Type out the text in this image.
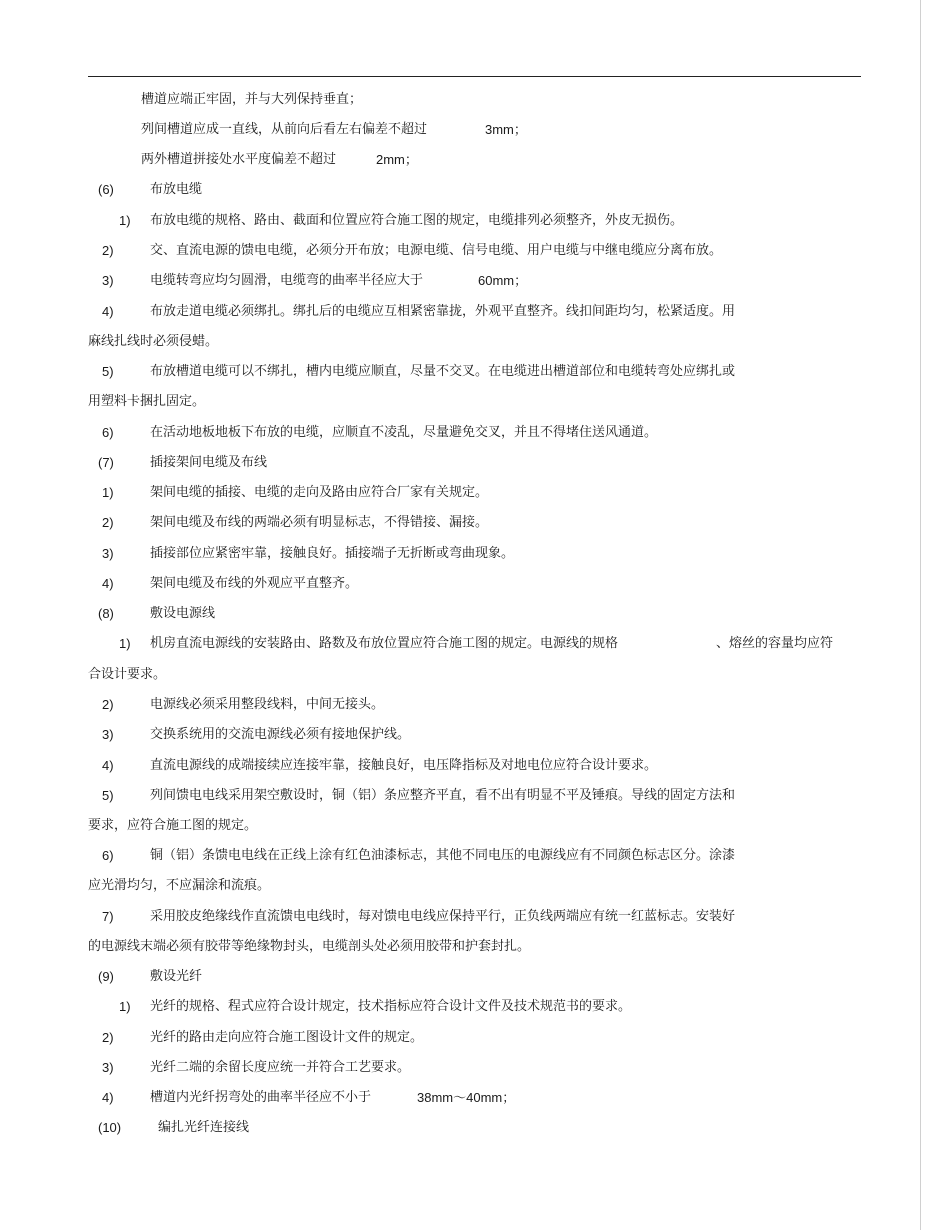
槽道应端正牢固，并与大列保持垂直；
列间槽道应成一直线，从前向后看左右偏差不超过	3mm；
两外槽道拼接处水平度偏差不超过	2mm；
(6)	布放电缆
1) 布放电缆的规格、路由、截面和位置应符合施工图的规定，电缆排列必须整齐，外皮无损伤。
2)	交、直流电源的馈电电缆，必须分开布放；电源电缆、信号电缆、用户电缆与中继电缆应分离布放。
3)	电缆转弯应均匀圆滑，电缆弯的曲率半径应大于	60mm；
4)	布放走道电缆必须绑扎。绑扎后的电缆应互相紧密靠拢，外观平直整齐。线扣间距均匀，松紧适度。用
麻线扎线时必须侵蜡。
5)	布放槽道电缆可以不绑扎，槽内电缆应顺直，尽量不交叉。在电缆进出槽道部位和电缆转弯处应绑扎或
用塑料卡捆扎固定。
6)	在活动地板地板下布放的电缆，应顺直不凌乱，尽量避免交叉，并且不得堵住送风通道。
(7)	插接架间电缆及布线
1)	架间电缆的插接、电缆的走向及路由应符合厂家有关规定。
2)	架间电缆及布线的两端必须有明显标志，不得错接、漏接。
3)	插接部位应紧密牢靠，接触良好。插接端子无折断或弯曲现象。
4)	架间电缆及布线的外观应平直整齐。
(8)	敷设电源线
1) 机房直流电源线的安装路由、路数及布放位置应符合施工图的规定。电源线的规格	、熔丝的容量均应符
合设计要求。
2)	电源线必须采用整段线料，中间无接头。
3)	交换系统用的交流电源线必须有接地保护线。
4)	直流电源线的成端接续应连接牢靠，接触良好，电压降指标及对地电位应符合设计要求。
5)	列间馈电电线采用架空敷设时，铜（铝）条应整齐平直，看不出有明显不平及锤痕。导线的固定方法和
要求，应符合施工图的规定。
6)	铜（铝）条馈电电线在正线上涂有红色油漆标志，其他不同电压的电源线应有不同颜色标志区分。涂漆
应光滑均匀，不应漏涂和流痕。
7)	采用胶皮绝缘线作直流馈电电线时，每对馈电电线应保持平行，正负线两端应有统一红蓝标志。安装好
的电源线末端必须有胶带等绝缘物封头，电缆剖头处必须用胶带和护套封扎。
(9)	敷设光纤
1) 光纤的规格、程式应符合设计规定，技术指标应符合设计文件及技术规范书的要求。
2)	光纤的路由走向应符合施工图设计文件的规定。
3)	光纤二端的余留长度应统一并符合工艺要求。
4)	槽道内光纤拐弯处的曲率半径应不小于	38mm～40mm；
(10)	编扎光纤连接线
